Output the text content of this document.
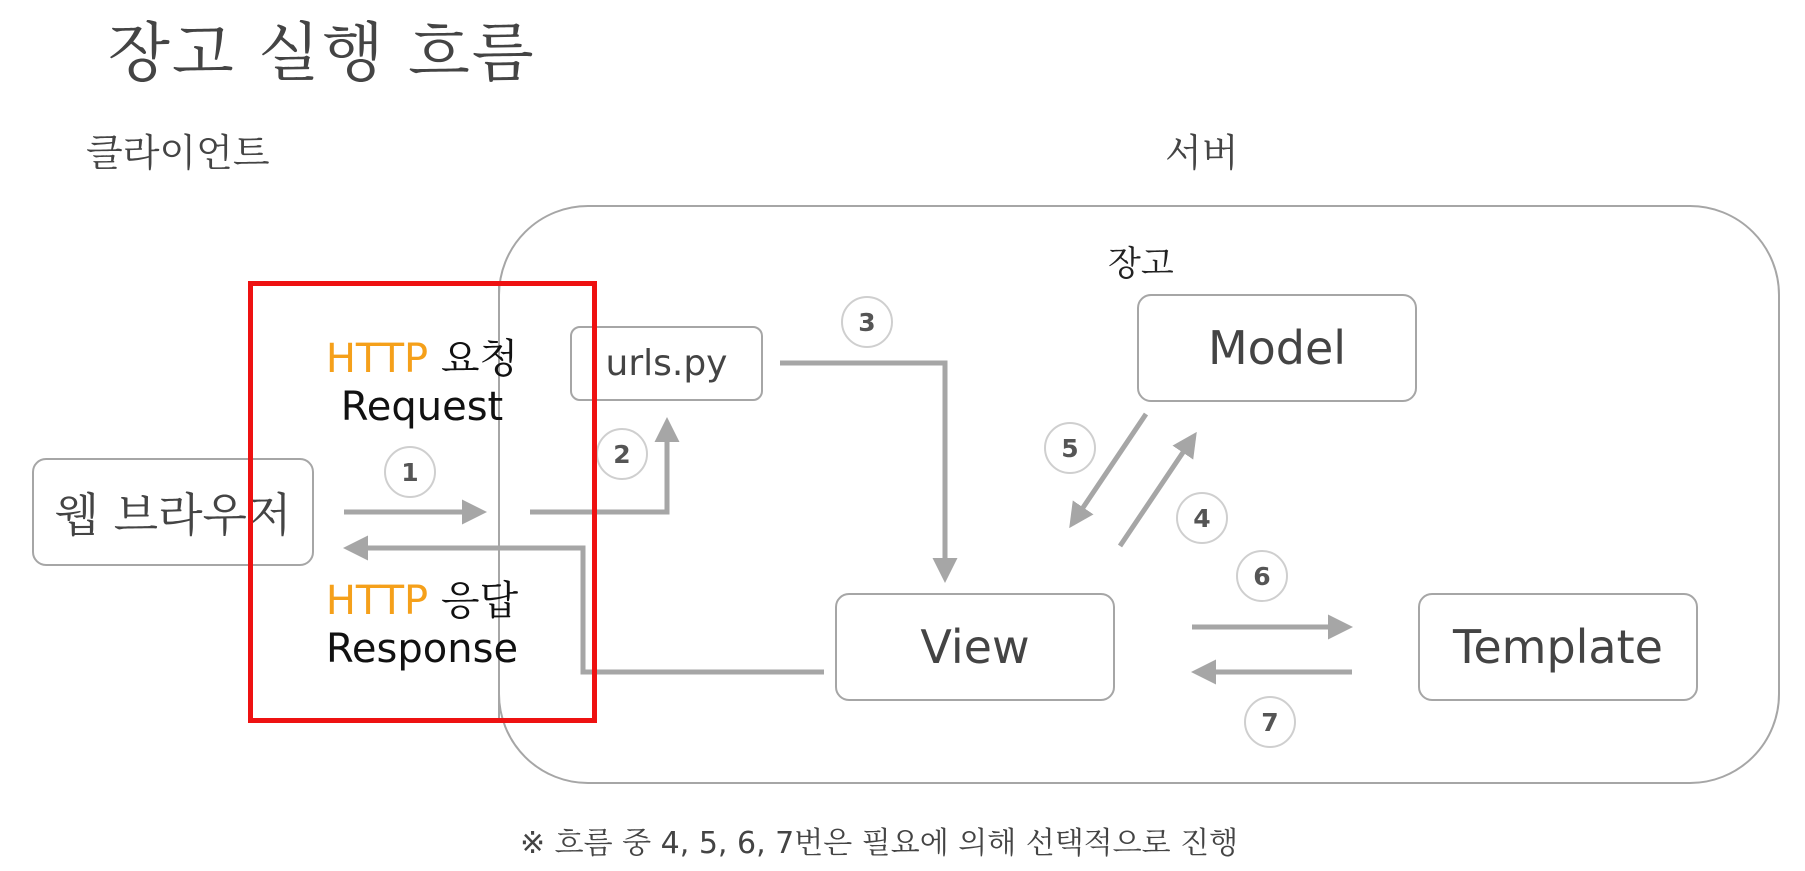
장고 실행 흐름
클라이언트	서버
장고
웹 브라우저
urls.py	Model
View	Template
HTTP 요청
Request
HTTP 응답
Response
1
2
3
4
5
6
7
※ 흐름 중 4, 5, 6, 7번은 필요에 의해 선택적으로 진행
